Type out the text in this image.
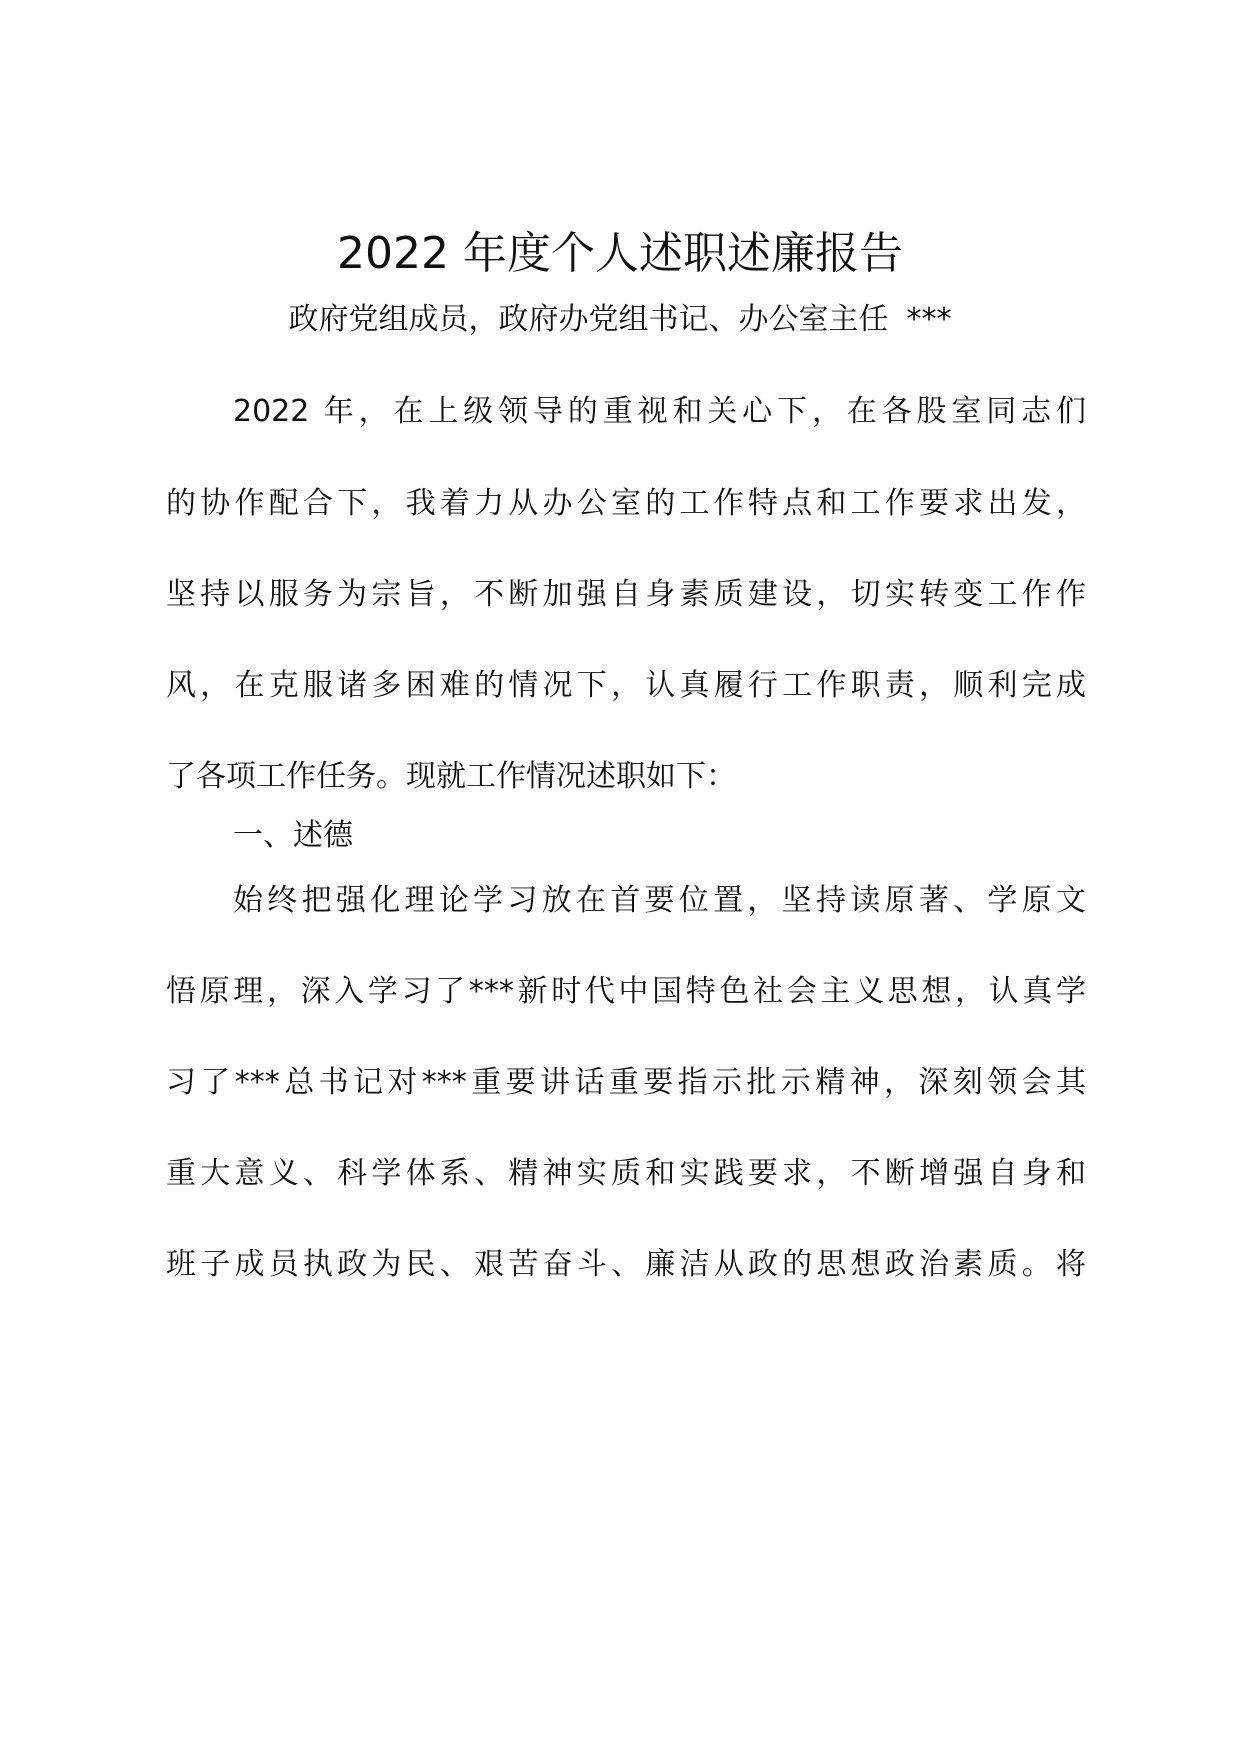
2022 年度个人述职述廉报告
政府党组成员，政府办党组书记、办公室主任 ***
2022 年，在上级领导的重视和关心下，在各股室同志们
的协作配合下，我着力从办公室的工作特点和工作要求出发，
坚持以服务为宗旨，不断加强自身素质建设，切实转变工作作
风，在克服诸多困难的情况下，认真履行工作职责，顺利完成
了各项工作任务。现就工作情况述职如下：
一、述德
始终把强化理论学习放在首要位置，坚持读原著、学原文
悟原理，深入学习了***新时代中国特色社会主义思想，认真学
习了***总书记对***重要讲话重要指示批示精神，深刻领会其
重大意义、科学体系、精神实质和实践要求，不断增强自身和
班子成员执政为民、艰苦奋斗、廉洁从政的思想政治素质。将
